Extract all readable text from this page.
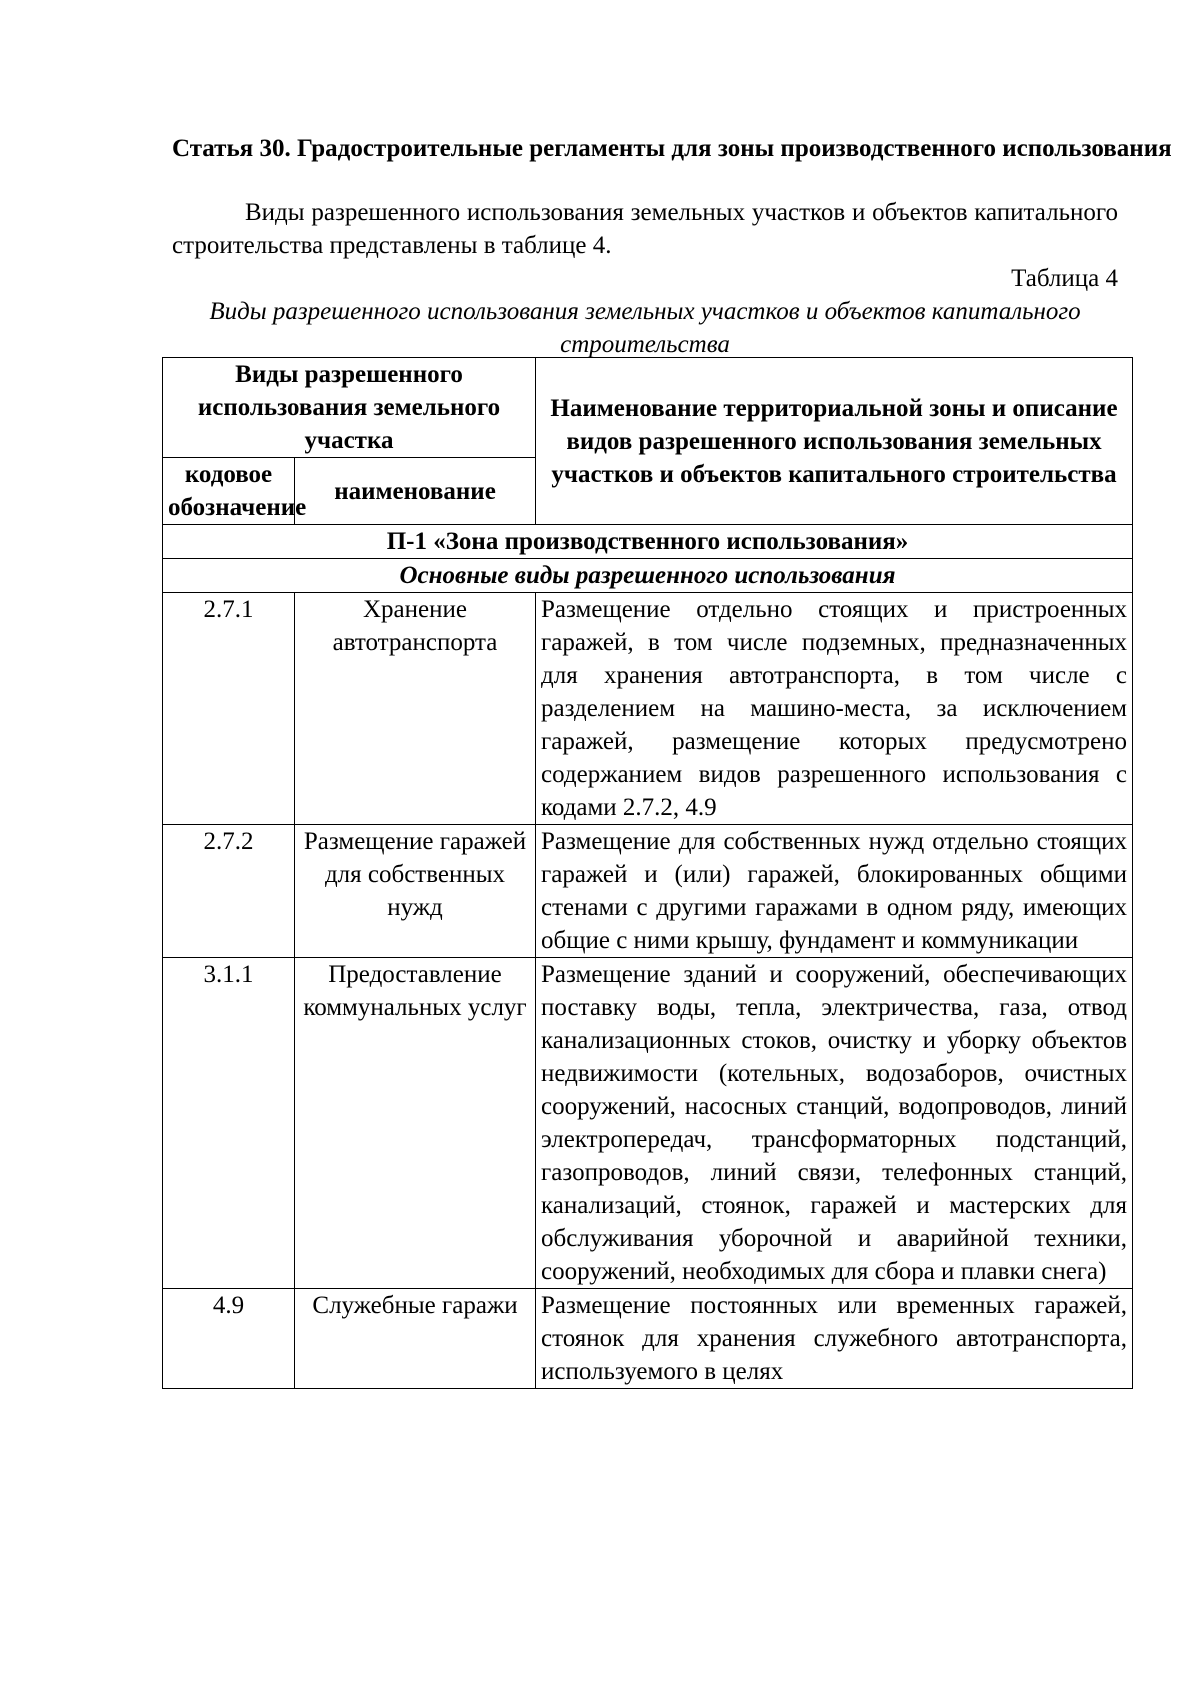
Статья 30. Градостроительные регламенты для зоны производственного использования

Виды разрешенного использования земельных участков и объектов капитального строительства представлены в таблице 4.

Таблица 4

Виды разрешенного использования земельных участков и объектов капитального строительства

Виды разрешенного использования земельного участка		Наименование территориальной зоны и описание видов разрешенного использования земельных участков и объектов капитального строительства
кодовое обозначение	наименование	
П-1 «Зона производственного использования»		
Основные виды разрешенного использования		
2.7.1	Хранение автотранспорта	Размещение отдельно стоящих и пристроенных гаражей, в том числе подземных, предназначенных для хранения автотранспорта, в том числе с разделением на машино-места, за исключением гаражей, размещение которых предусмотрено содержанием видов разрешенного использования с кодами 2.7.2, 4.9
2.7.2	Размещение гаражей для собственных нужд	Размещение для собственных нужд отдельно стоящих гаражей и (или) гаражей, блокированных общими стенами с другими гаражами в одном ряду, имеющих общие с ними крышу, фундамент и коммуникации
3.1.1	Предоставление коммунальных услуг	Размещение зданий и сооружений, обеспечивающих поставку воды, тепла, электричества, газа, отвод канализационных стоков, очистку и уборку объектов недвижимости (котельных, водозаборов, очистных сооружений, насосных станций, водопроводов, линий электропередач, трансформаторных подстанций, газопроводов, линий связи, телефонных станций, канализаций, стоянок, гаражей и мастерских для обслуживания уборочной и аварийной техники, сооружений, необходимых для сбора и плавки снега)
4.9	Служебные гаражи	Размещение постоянных или временных гаражей, стоянок для хранения служебного автотранспорта, используемого в целях
